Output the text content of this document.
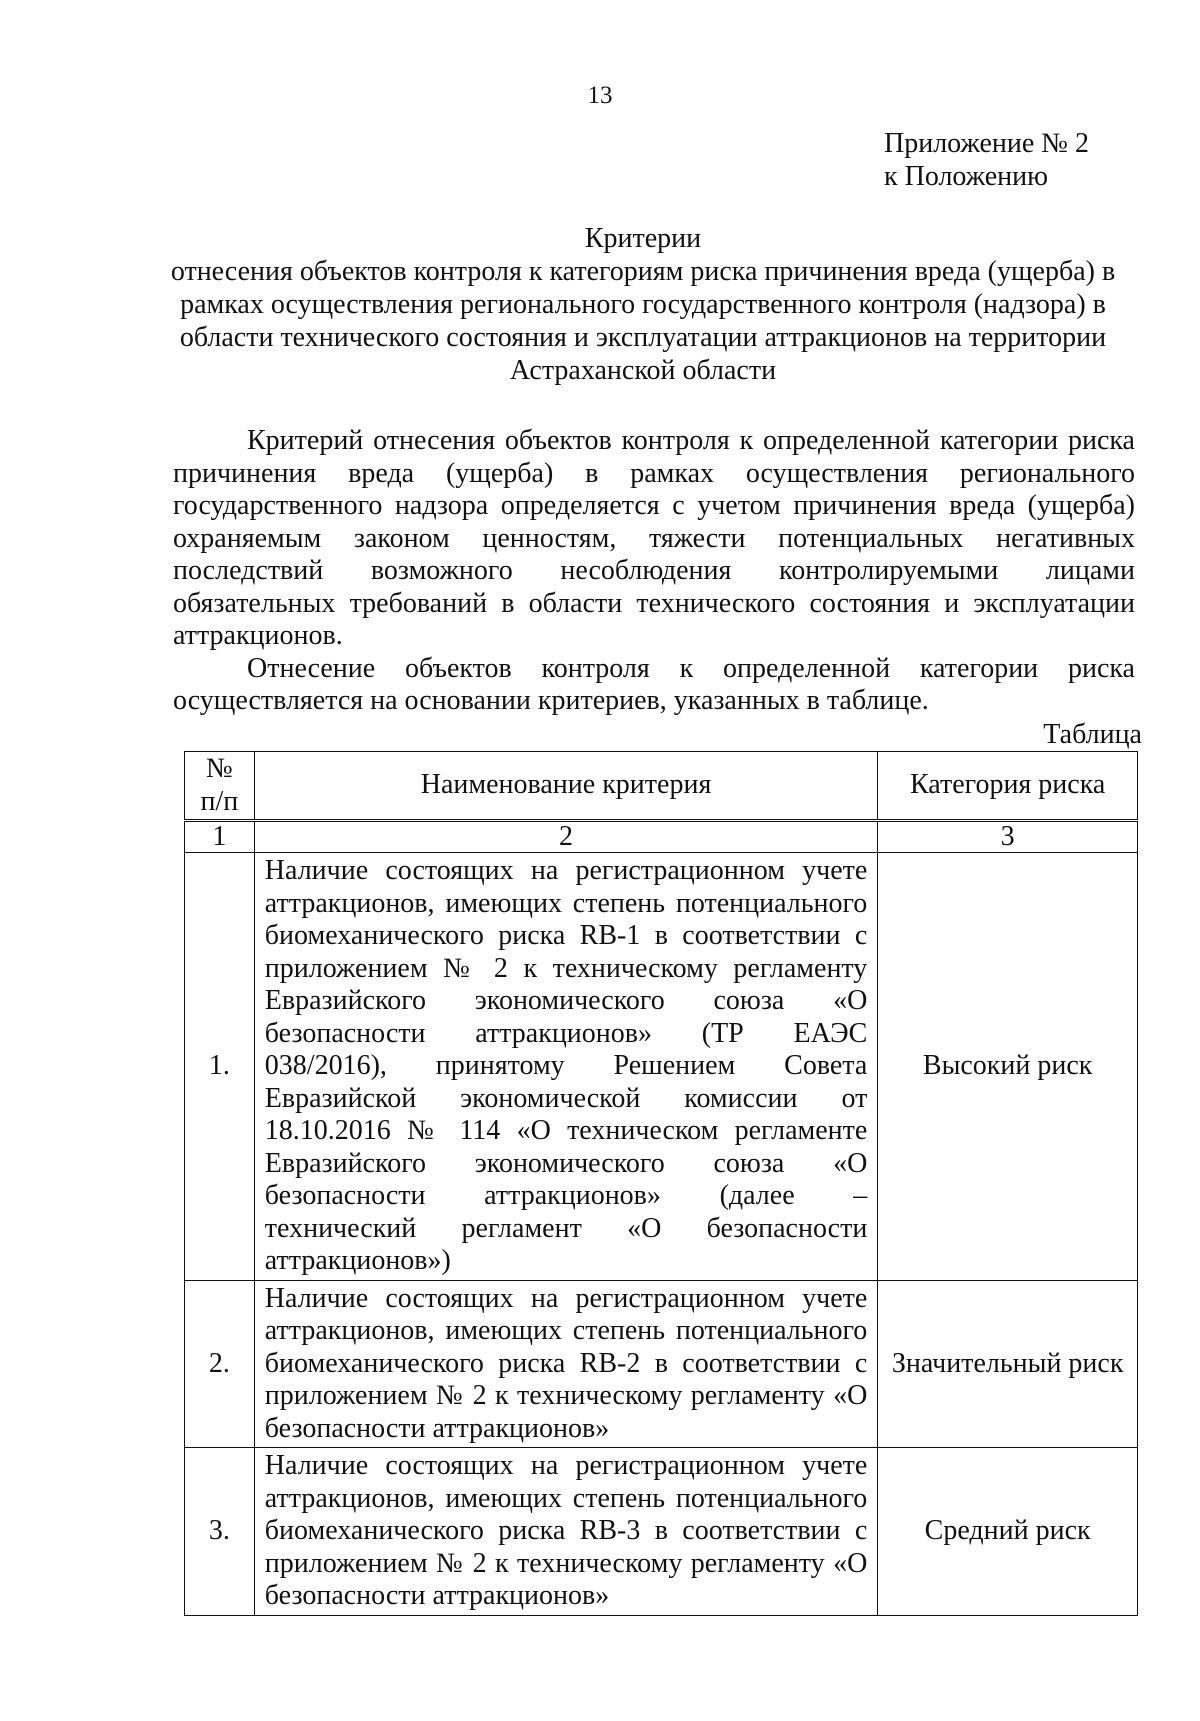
13
Приложение № 2
к Положению
Критерии
отнесения объектов контроля к категориям риска причинения вреда (ущерба) в рамках осуществления регионального государственного контроля (надзора) в области технического состояния и эксплуатации аттракционов на территории Астраханской области

Критерий отнесения объектов контроля к определенной категории риска причинения вреда (ущерба) в рамках осуществления регионального государственного надзора определяется с учетом причинения вреда (ущерба) охраняемым законом ценностям, тяжести потенциальных негативных последствий возможного несоблюдения контролируемыми лицами обязательных требований в области технического состояния и эксплуатации аттракционов.

Отнесение объектов контроля к определенной категории риска осуществляется на основании критериев, указанных в таблице.

Таблица
№ п/п	Наименование критерия	Категория риска
1	2	3
1.	Наличие состоящих на регистрационном учете аттракционов, имеющих степень потенциального биомеханического риска RB-1 в соответствии с приложением № 2 к техническому регламенту Евразийского экономического союза «О безопасности аттракционов» (ТР ЕАЭС 038/2016), принятому Решением Совета Евразийской экономической комиссии от 18.10.2016 № 114 «О техническом регламенте Евразийского экономического союза «О безопасности аттракционов» (далее – технический регламент «О безопасности аттракционов»)	Высокий риск
2.	Наличие состоящих на регистрационном учете аттракционов, имеющих степень потенциального биомеханического риска RB-2 в соответствии с приложением № 2 к техническому регламенту «О безопасности аттракционов»	Значительный риск
3.	Наличие состоящих на регистрационном учете аттракционов, имеющих степень потенциального биомеханического риска RB-3 в соответствии с приложением № 2 к техническому регламенту «О безопасности аттракционов»	Средний риск
